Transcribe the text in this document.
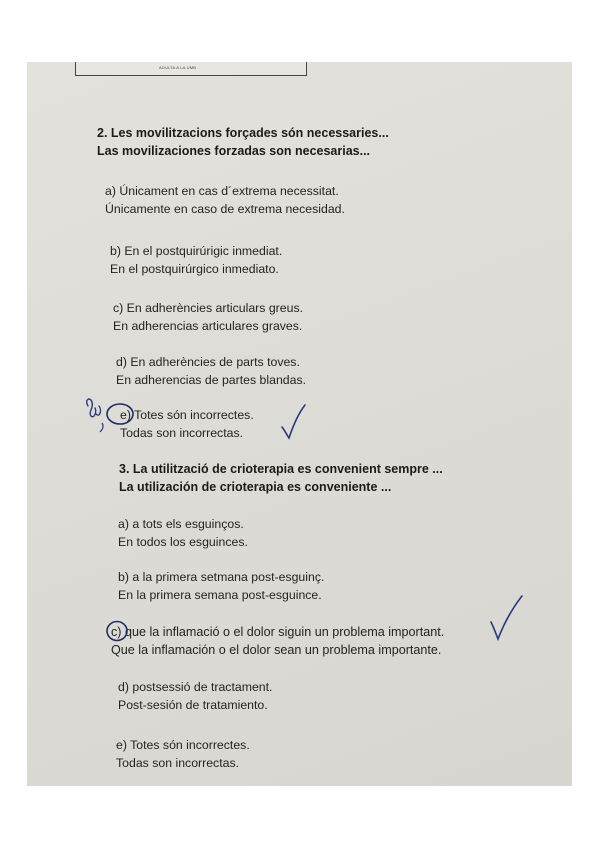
ADULTA A LA UMB
2. Les movilitzacions forçades són necessaries...
Las movilizaciones forzadas son necesarias...
a) Únicament en cas d´extrema necessitat.
Únicamente en caso de extrema necesidad.
b) En el postquirúrigic inmediat.
En el postquirúrgico inmediato.
c) En adherències articulars greus.
En adherencias articulares graves.
d) En adherències de parts toves.
En adherencias de partes blandas.
e) Totes són incorrectes.
Todas son incorrectas.
3. La utilització de crioterapia es convenient sempre ...
La utilización de crioterapia es conveniente ...
a) a tots els esguinços.
En todos los esguinces.
b) a la primera setmana post-esguinç.
En la primera semana post-esguince.
c) que la inflamació o el dolor siguin un problema important.
Que la inflamación o el dolor sean un problema importante.
d) postsessió de tractament.
Post-sesión de tratamiento.
e) Totes són incorrectes.
Todas son incorrectas.
